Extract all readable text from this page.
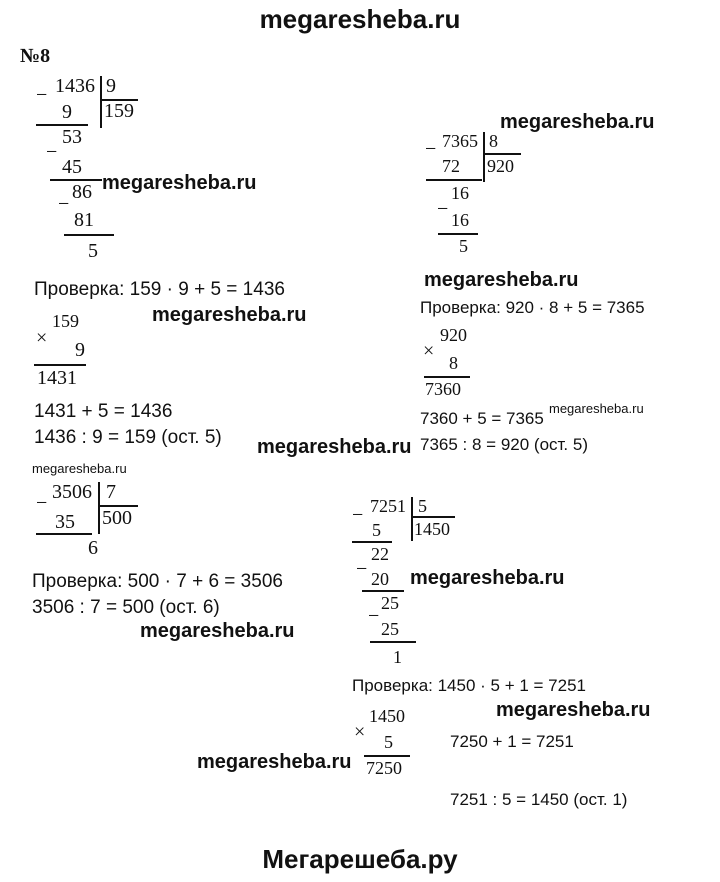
megaresheba.ru
Мегарешеба.ру
№8
− 1436 9
159
9
53
−
45
86
−
81
5
Проверка: 159 · 9 + 5 = 1436
×
159
9
1431
1431 + 5 = 1436
1436 : 9 = 159 (ост. 5)
− 7365 8
920
72
16
− 16
5
Проверка: 920 · 8 + 5 = 7365
×
920
8
7360
7360 + 5 = 7365
7365 : 8 = 920 (ост. 5)
− 3506 7
500
35
6
Проверка: 500 · 7 + 6 = 3506
3506 : 7 = 500 (ост. 6)
− 7251 5
1450
5
22
− 20
25
−
25
1
Проверка: 1450 · 5 + 1 = 7251
×
1450
5
7250
7250 + 1 = 7251
7251 : 5 = 1450 (ост. 1)
megaresheba.ru
megaresheba.ru
megaresheba.ru
megaresheba.ru
megaresheba.ru
megaresheba.ru
megaresheba.ru
megaresheba.ru
megaresheba.ru
megaresheba.ru
megaresheba.ru
